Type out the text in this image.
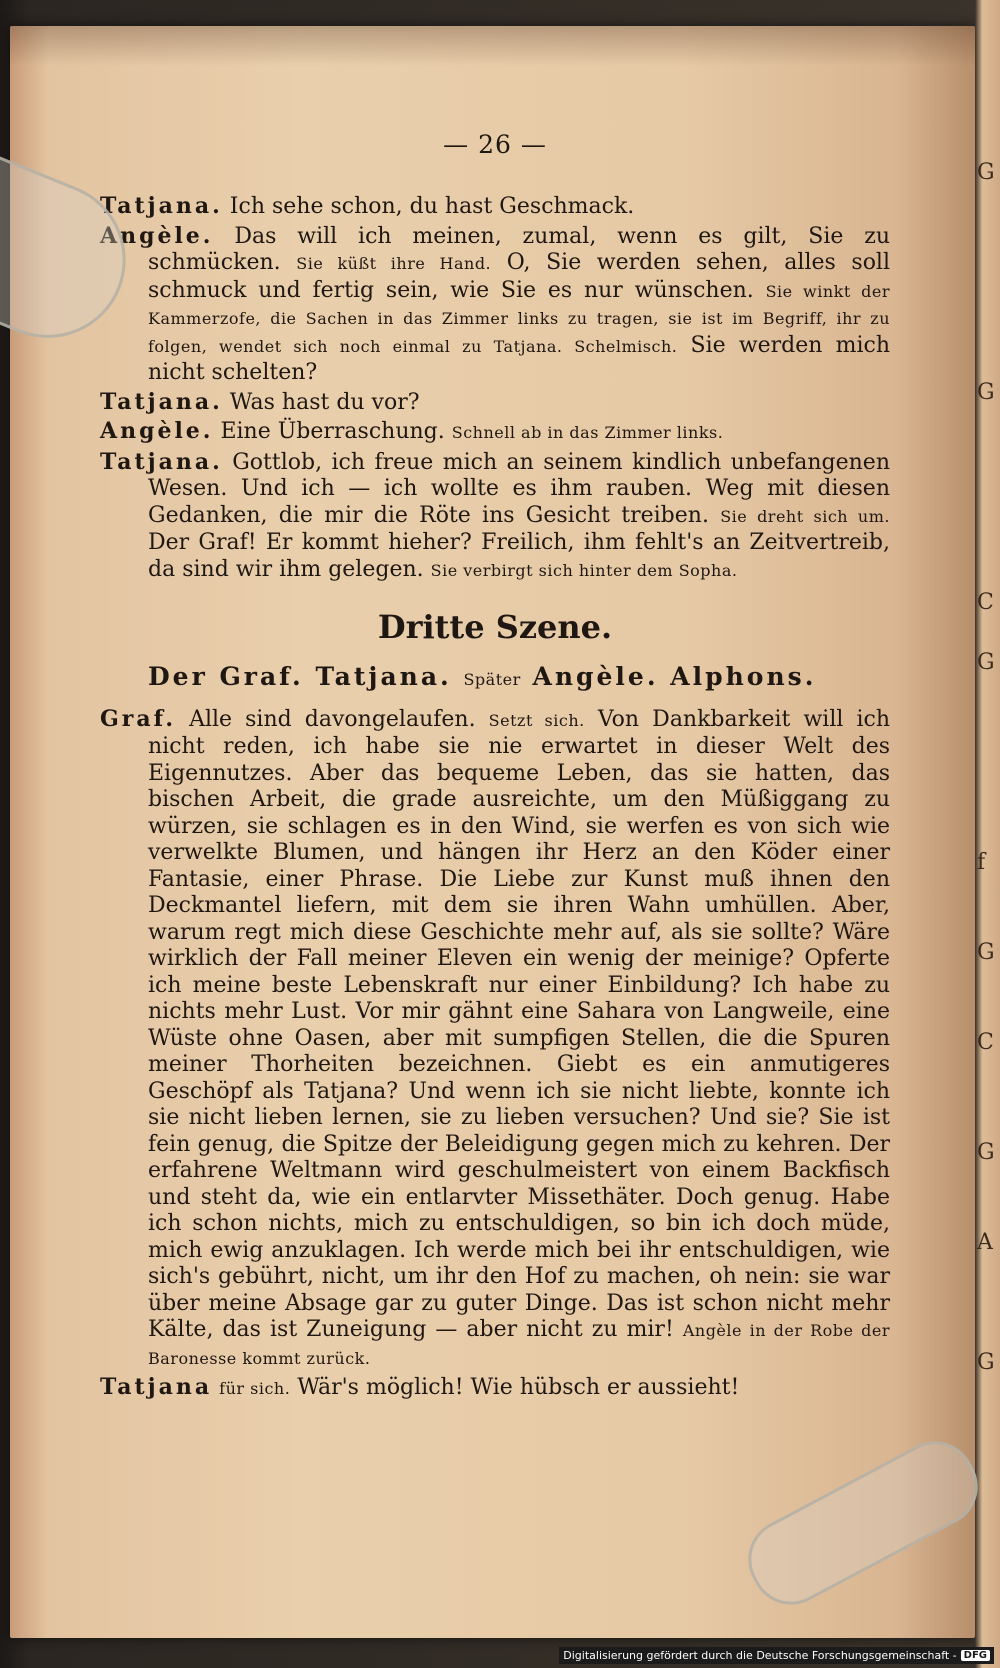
G
G
C
G
f
G
C
G
A
G
— 26 —

Tatjana. Ich sehe schon, du hast Geschmack.

Angèle. Das will ich meinen, zumal, wenn es gilt, Sie zu schmücken. Sie küßt ihre Hand. O, Sie werden sehen, alles soll schmuck und fertig sein, wie Sie es nur wünschen. Sie winkt der Kammerzofe, die Sachen in das Zimmer links zu tragen, sie ist im Begriff, ihr zu folgen, wendet sich noch einmal zu Tatjana. Schelmisch. Sie werden mich nicht schelten?

Tatjana. Was hast du vor?

Angèle. Eine Überraschung. Schnell ab in das Zimmer links.

Tatjana. Gottlob, ich freue mich an seinem kindlich unbefangenen Wesen. Und ich — ich wollte es ihm rauben. Weg mit diesen Gedanken, die mir die Röte ins Gesicht treiben. Sie dreht sich um. Der Graf! Er kommt hieher? Freilich, ihm fehlt's an Zeitvertreib, da sind wir ihm gelegen. Sie verbirgt sich hinter dem Sopha.

Dritte Szene.

Der Graf. Tatjana. Später Angèle. Alphons.

Graf. Alle sind davongelaufen. Setzt sich. Von Dankbarkeit will ich nicht reden, ich habe sie nie erwartet in dieser Welt des Eigennutzes. Aber das bequeme Leben, das sie hatten, das bischen Arbeit, die grade ausreichte, um den Müßiggang zu würzen, sie schlagen es in den Wind, sie werfen es von sich wie verwelkte Blumen, und hängen ihr Herz an den Köder einer Fantasie, einer Phrase. Die Liebe zur Kunst muß ihnen den Deckmantel liefern, mit dem sie ihren Wahn umhüllen. Aber, warum regt mich diese Geschichte mehr auf, als sie sollte? Wäre wirklich der Fall meiner Eleven ein wenig der meinige? Opferte ich meine beste Lebenskraft nur einer Einbildung? Ich habe zu nichts mehr Lust. Vor mir gähnt eine Sahara von Langweile, eine Wüste ohne Oasen, aber mit sumpfigen Stellen, die die Spuren meiner Thorheiten bezeichnen. Giebt es ein anmutigeres Geschöpf als Tatjana? Und wenn ich sie nicht liebte, konnte ich sie nicht lieben lernen, sie zu lieben versuchen? Und sie? Sie ist fein genug, die Spitze der Beleidigung gegen mich zu kehren. Der erfahrene Weltmann wird geschulmeistert von einem Backfisch und steht da, wie ein entlarvter Missethäter. Doch genug. Habe ich schon nichts, mich zu entschuldigen, so bin ich doch müde, mich ewig anzuklagen. Ich werde mich bei ihr entschuldigen, wie sich's gebührt, nicht, um ihr den Hof zu machen, oh nein: sie war über meine Absage gar zu guter Dinge. Das ist schon nicht mehr Kälte, das ist Zuneigung — aber nicht zu mir! Angèle in der Robe der Baronesse kommt zurück.

Tatjana für sich. Wär's möglich! Wie hübsch er aussieht!

Digitalisierung gefördert durch die Deutsche Forschungsgemeinschaft - DFG
